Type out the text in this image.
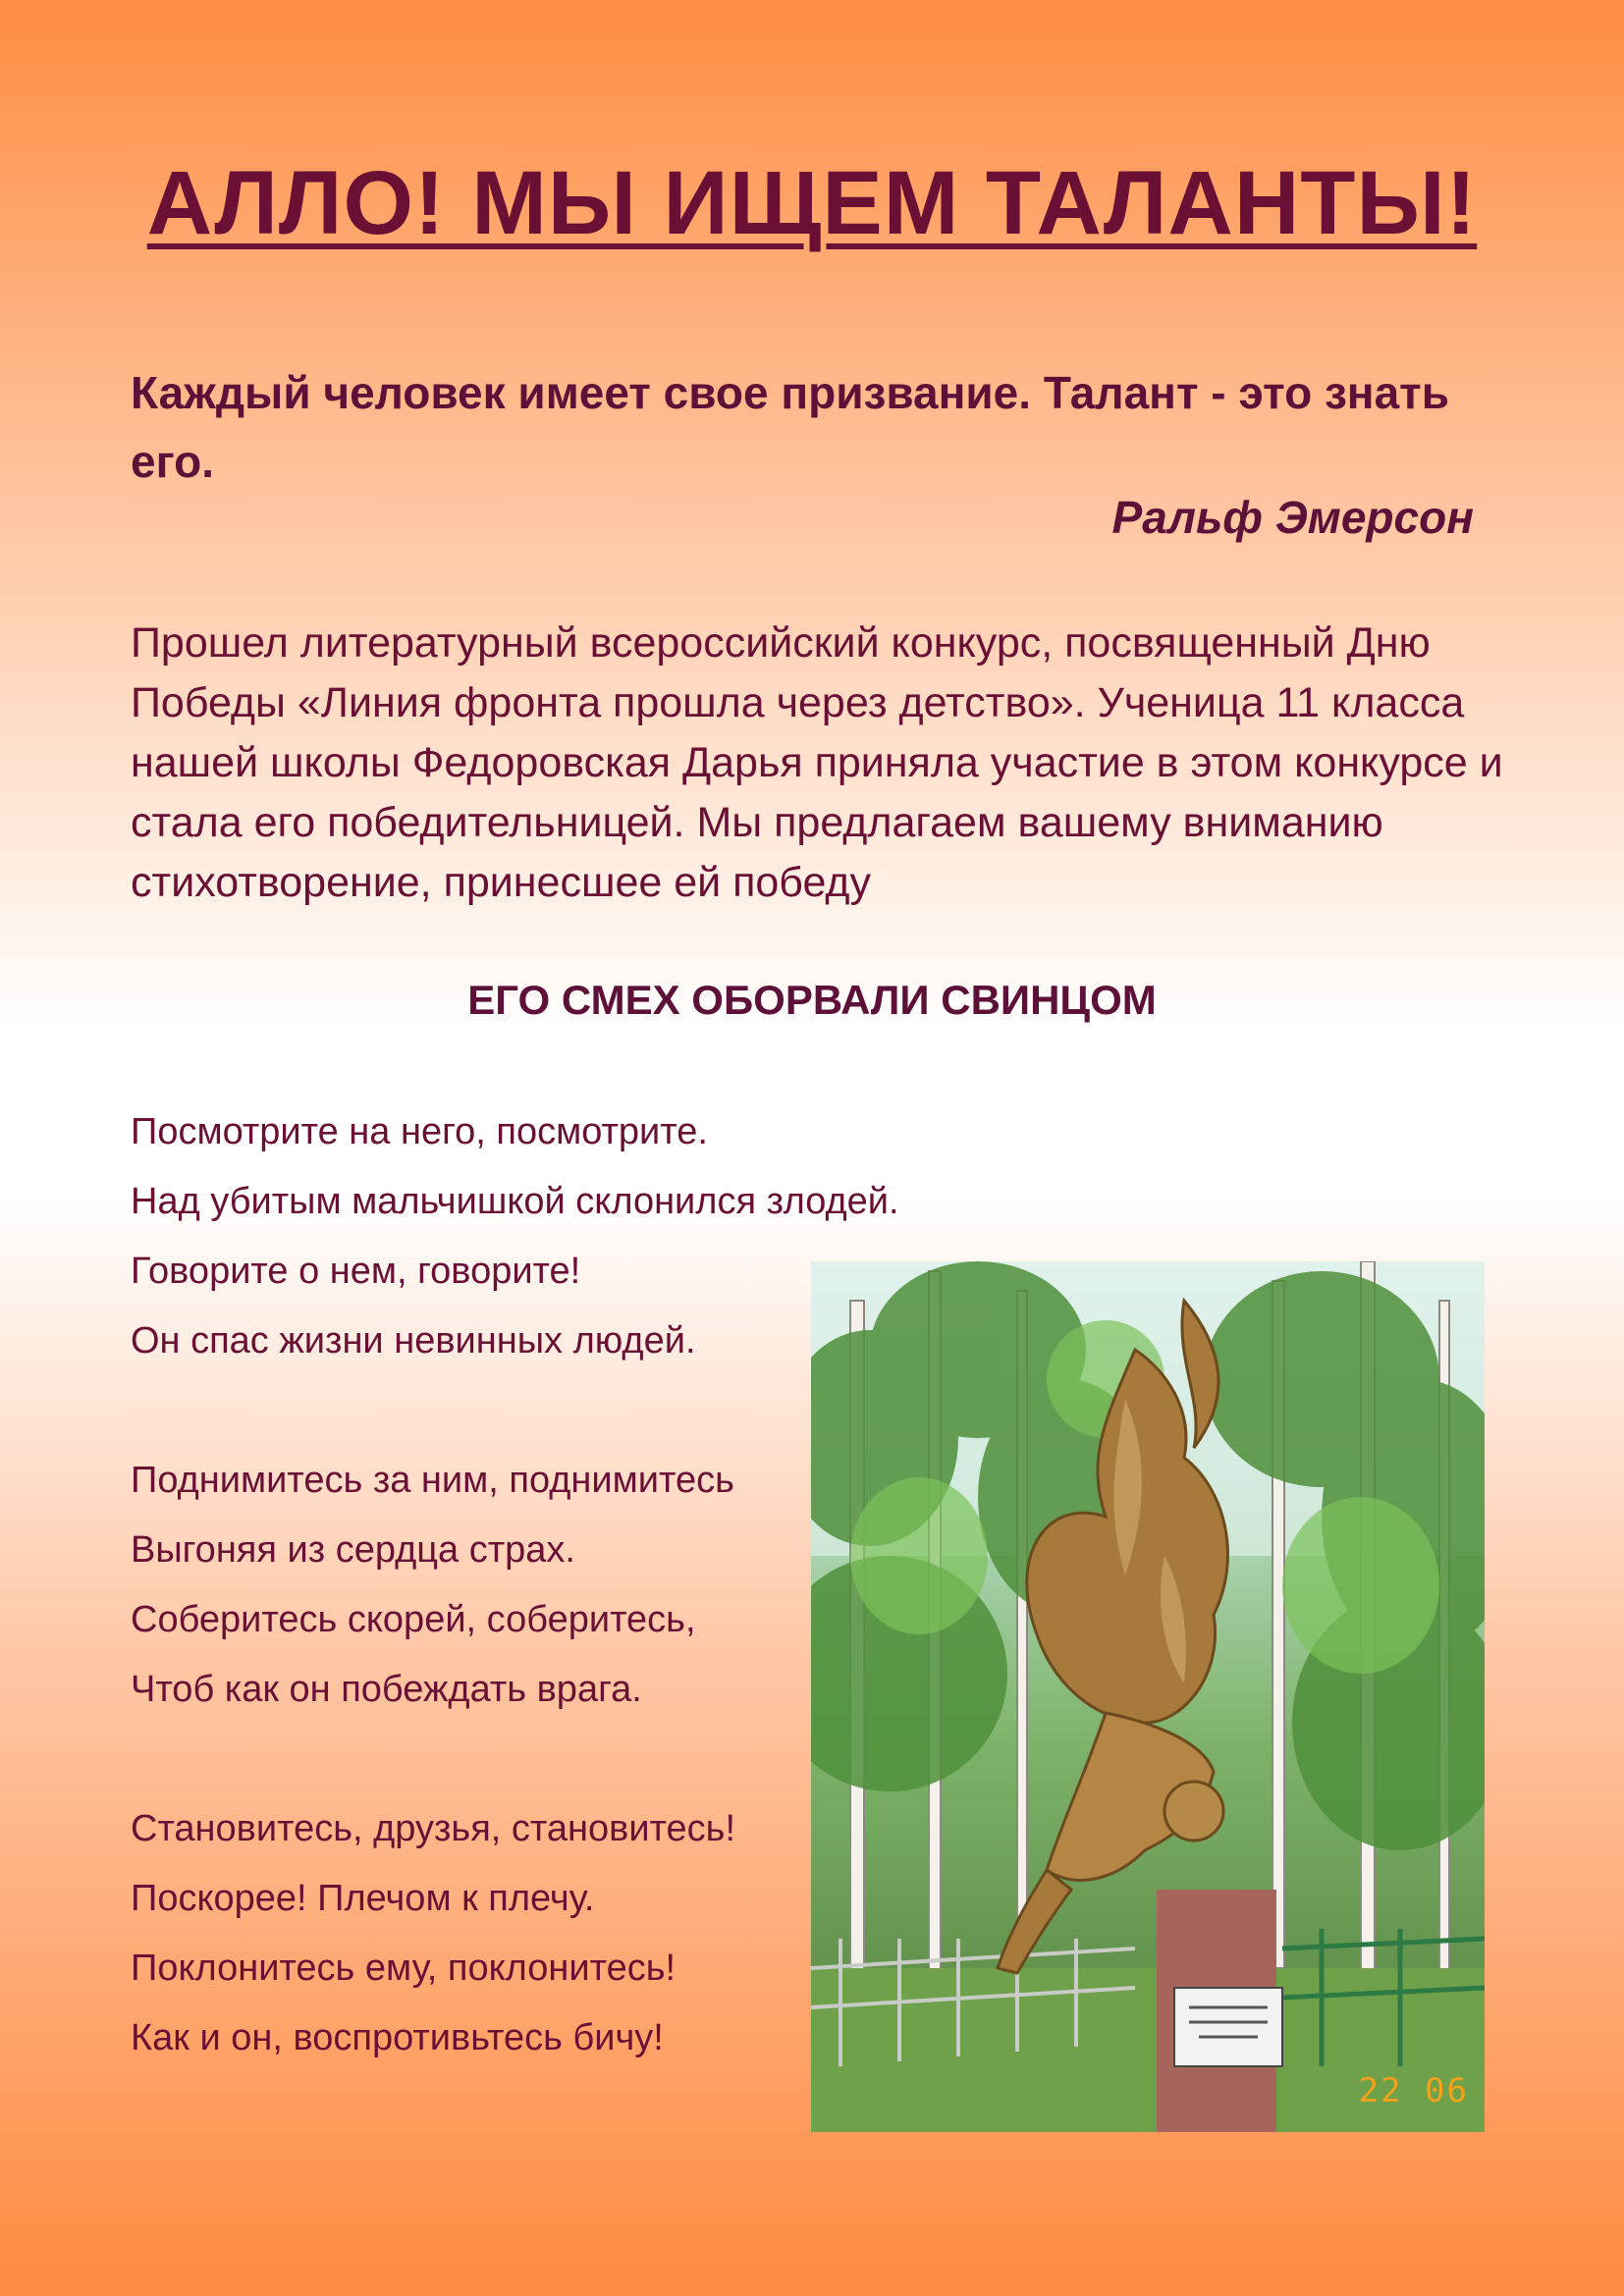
АЛЛО! МЫ ИЩЕМ ТАЛАНТЫ!
Каждый человек имеет свое призвание. Талант - это знать его.
Ральф Эмерсон
Прошел литературный всероссийский конкурс, посвященный Дню Победы «Линия фронта прошла через детство». Ученица 11 класса нашей школы Федоровская Дарья приняла участие в этом конкурсе и стала его победительницей. Мы предлагаем вашему вниманию стихотворение, принесшее ей победу
ЕГО СМЕХ ОБОРВАЛИ СВИНЦОМ
Посмотрите на него, посмотрите.
Над убитым мальчишкой склонился злодей.
Говорите о нем, говорите!
Он спас жизни невинных людей.
Поднимитесь за ним, поднимитесь
Выгоняя из сердца страх.
Соберитесь скорей, соберитесь,
Чтоб как он побеждать врага.
Становитесь, друзья, становитесь!
Поскорее! Плечом к плечу.
Поклонитесь ему, поклонитесь!
Как и он, воспротивьтесь бичу!
22 06
